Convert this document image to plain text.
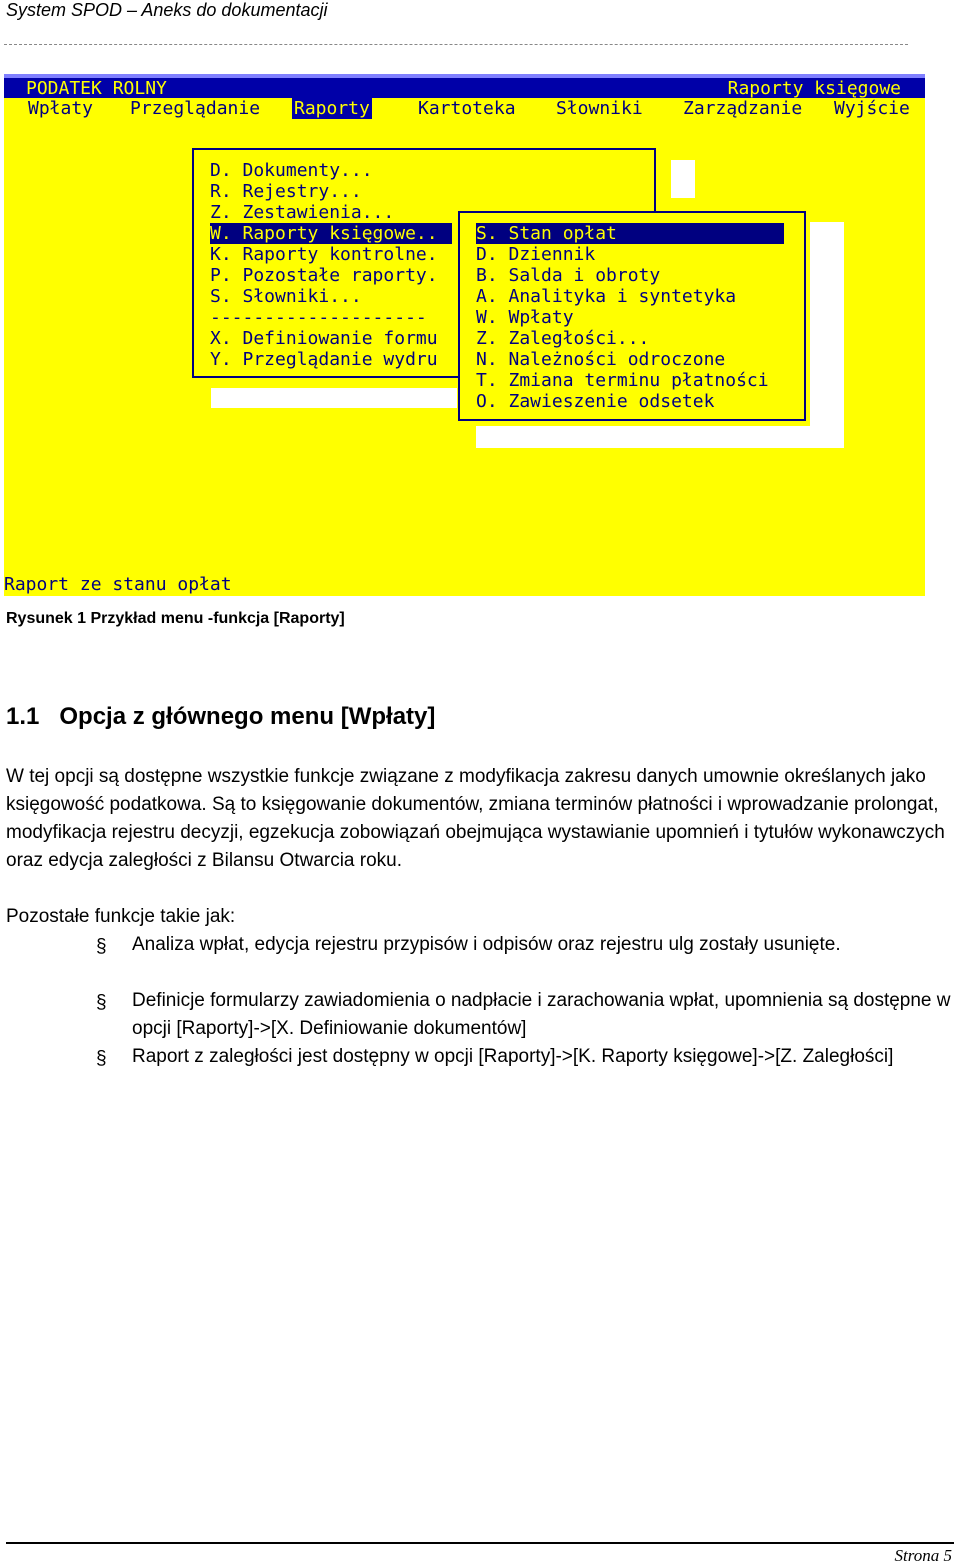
System SPOD – Aneks do dokumentacji
PODATEK ROLNY	Raporty księgowe
Wpłaty Przeglądanie Raporty	Kartoteka Słowniki Zarządzanie Wyjście
D. Dokumenty...
R. Rejestry...
Z. Zestawienia...
W. Raporty księgowe..
K. Raporty kontrolne.
P. Pozostałe raporty.
S. Słowniki...
--------------------
X. Definiowanie formu
Y. Przeglądanie wydru
S. Stan opłat
D. Dziennik
B. Salda i obroty
A. Analityka i syntetyka
W. Wpłaty
Z. Zaległości...
N. Należności odroczone
T. Zmiana terminu płatności
O. Zawieszenie odsetek
Raport ze stanu opłat
Rysunek 1 Przykład menu -funkcja [Raporty]
1.1   Opcja z głównego menu [Wpłaty]

W tej opcji są dostępne wszystkie funkcje związane z modyfikacja zakresu danych umownie określanych jako księgowość podatkowa. Są to księgowanie dokumentów, zmiana terminów płatności i wprowadzanie prolongat, modyfikacja rejestru decyzji, egzekucja zobowiązań obejmująca wystawianie upomnień i tytułów wykonawczych oraz edycja zaległości z Bilansu Otwarcia roku.

Pozostałe funkcje takie jak:

§	Analiza wpłat, edycja rejestru przypisów i odpisów oraz rejestru ulg zostały usunięte.
§	Definicje formularzy zawiadomienia o nadpłacie i zarachowania wpłat, upomnienia są dostępne w opcji [Raporty]->[X. Definiowanie dokumentów]
§	Raport z zaległości jest dostępny w opcji [Raporty]->[K. Raporty księgowe]->[Z. Zaległości]
Strona 5
